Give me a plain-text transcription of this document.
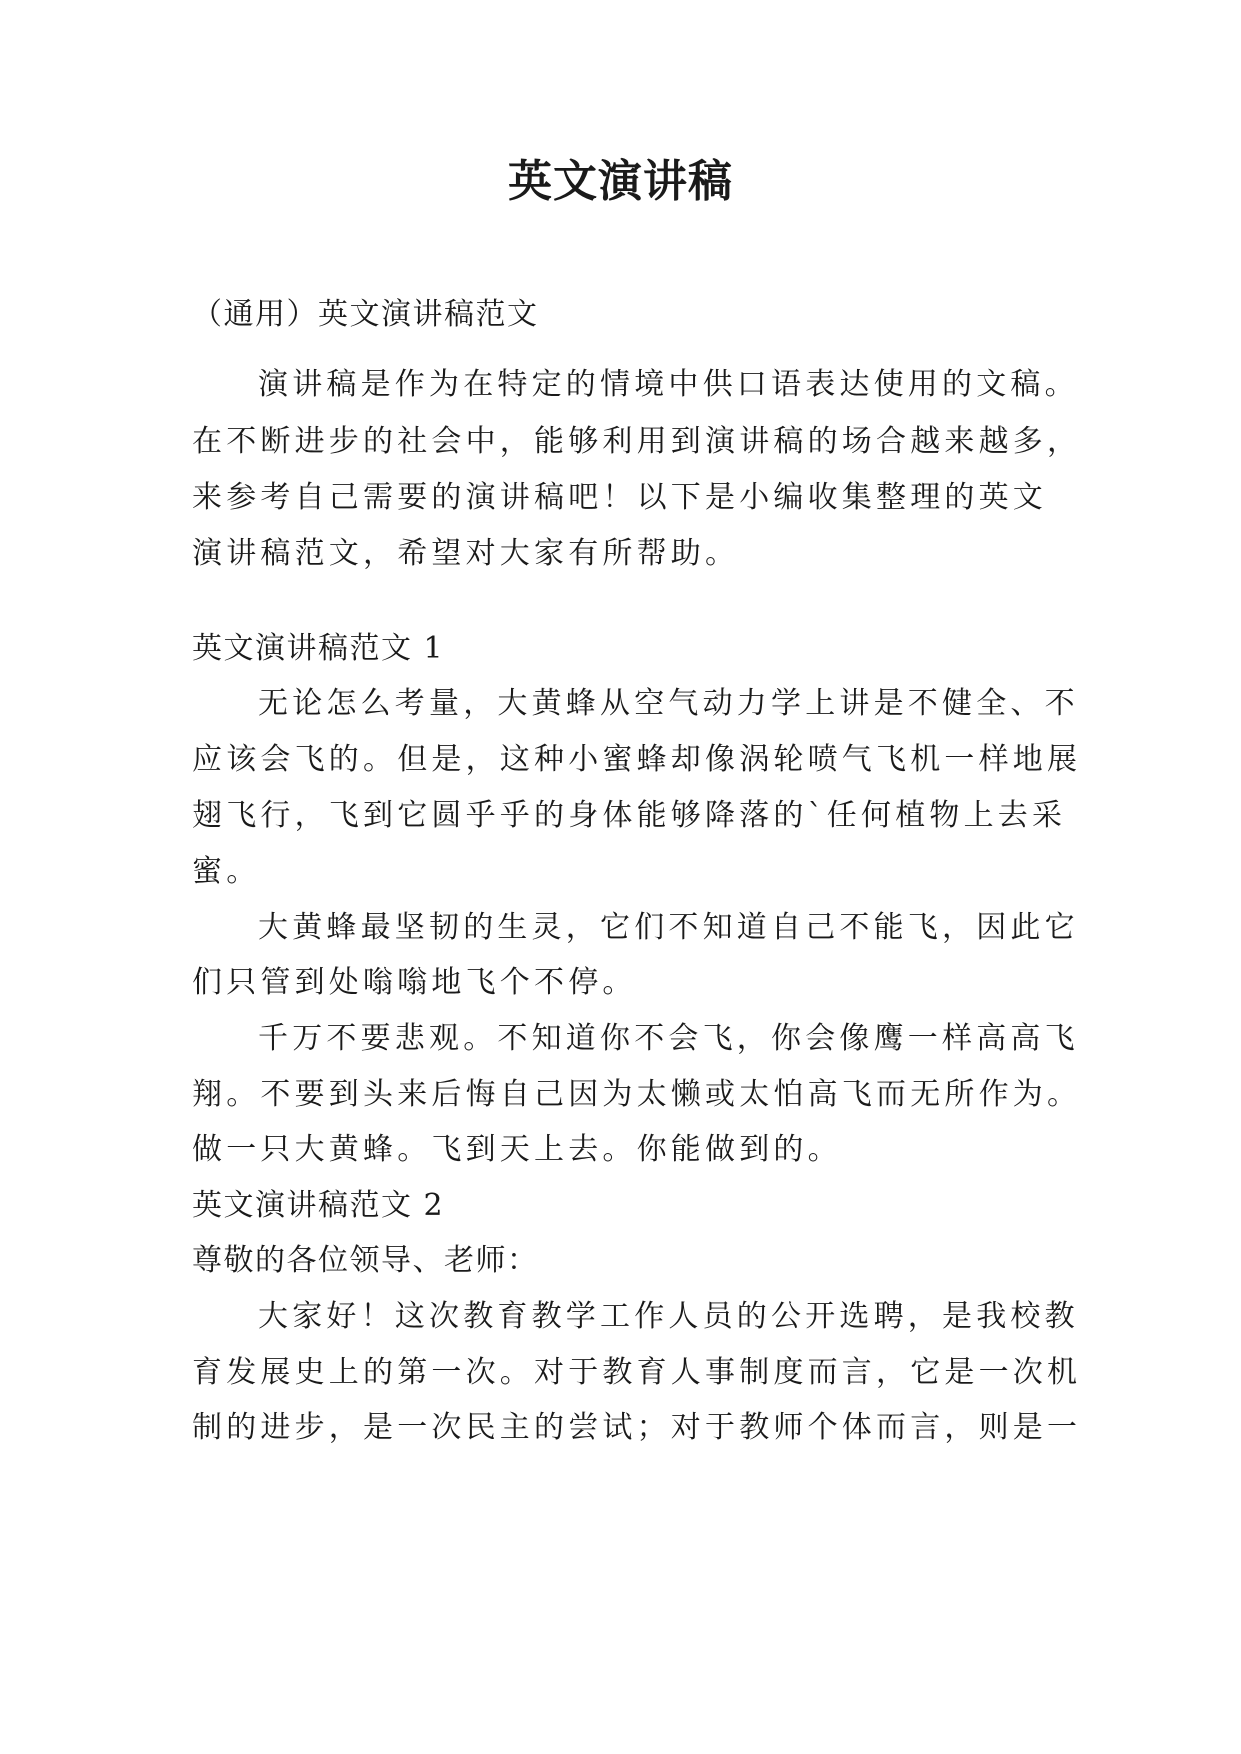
英文演讲稿

（通用）英文演讲稿范文

演讲稿是作为在特定的情境中供口语表达使用的文稿。

在不断进步的社会中，能够利用到演讲稿的场合越来越多，

来参考自己需要的演讲稿吧！以下是小编收集整理的英文

演讲稿范文，希望对大家有所帮助。

英文演讲稿范文 1

无论怎么考量，大黄蜂从空气动力学上讲是不健全、不

应该会飞的。但是，这种小蜜蜂却像涡轮喷气飞机一样地展

翅飞行，飞到它圆乎乎的身体能够降落的`任何植物上去采

蜜。

大黄蜂最坚韧的生灵，它们不知道自己不能飞，因此它

们只管到处嗡嗡地飞个不停。

千万不要悲观。不知道你不会飞，你会像鹰一样高高飞

翔。不要到头来后悔自己因为太懒或太怕高飞而无所作为。

做一只大黄蜂。飞到天上去。你能做到的。

英文演讲稿范文 2

尊敬的各位领导、老师：

大家好！这次教育教学工作人员的公开选聘，是我校教

育发展史上的第一次。对于教育人事制度而言，它是一次机

制的进步，是一次民主的尝试；对于教师个体而言，则是一
